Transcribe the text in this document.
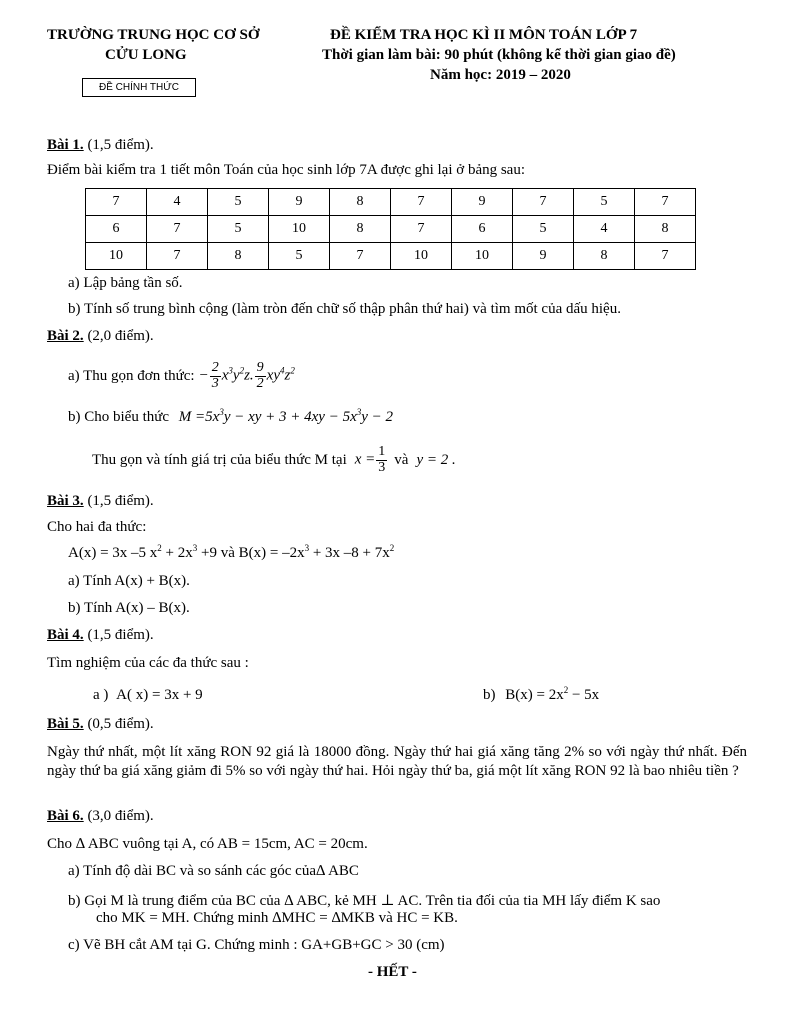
TRƯỜNG TRUNG HỌC CƠ SỞ
CỬU LONG
ĐỀ CHÍNH THỨC
ĐỀ KIỂM TRA HỌC KÌ II MÔN TOÁN LỚP 7
Thời gian làm bài: 90 phút (không kể thời gian giao đề)
Năm học: 2019 – 2020
Bài 1. (1,5 điểm).
Điểm bài kiểm tra 1 tiết môn Toán của học sinh lớp 7A được ghi lại ở bảng sau:
7	4	5	9	8	7	9	7	5	7
6	7	5	10	8	7	6	5	4	8
10	7	8	5	7	10	10	9	8	7
a) Lập bảng tần số.
b) Tính số trung bình cộng (làm tròn đến chữ số thập phân thứ hai) và tìm mốt của dấu hiệu.
Bài 2. (2,0 điểm).
a) Thu gọn đơn thức: − $\frac{2}{3} x^3y^2z$. $\frac{9}{2} xy^4z^2$
b) Cho biểu thức $M =5x^3y$ − xy + $3 + 4xy - 5x^3y - 2$
Thu gọn và tính giá trị của biểu thức M tại $x = \frac{1}{3}$ và y = 2 .
Bài 3. (1,5 điểm).
Cho hai đa thức:
A(x) = 3x –5 $x^2 + 2x^3 +9$ và $B(x) = -2x^3 + 3x$ $-8 + 7x^2$
a) Tính A(x) + B(x).
b) Tính A(x) – B(x).
Bài 4. (1,5 điểm).
Tìm nghiệm của các đa thức sau :
a ) A( x) = 3x + 9	b) $B(x) = 2x^2 - 5x$
Bài 5. (0,5 điểm).
Ngày thứ nhất, một lít xăng RON 92 giá là 18000 đồng. Ngày thứ hai giá xăng tăng 2% so với ngày thứ nhất. Đến ngày thứ ba giá xăng giảm đi 5% so với ngày thứ hai. Hỏi ngày thứ ba, giá một lít xăng RON 92 là bao nhiêu tiền ?
Bài 6. (3,0 điểm).
Cho ∆ ABC vuông tại A, có AB = 15cm, AC = 20cm.
a) Tính độ dài BC và so sánh các góc của∆ ABC
b) Gọi M là trung điểm của BC của ∆ ABC, kẻ MH ⊥ AC. Trên tia đối của tia MH lấy điểm K sao
cho MK = MH. Chứng minh ∆MHC = ∆MKB và HC = KB.
c) Vẽ BH cắt AM tại G. Chứng minh : GA+GB+GC > 30 (cm)
- HẾT -
